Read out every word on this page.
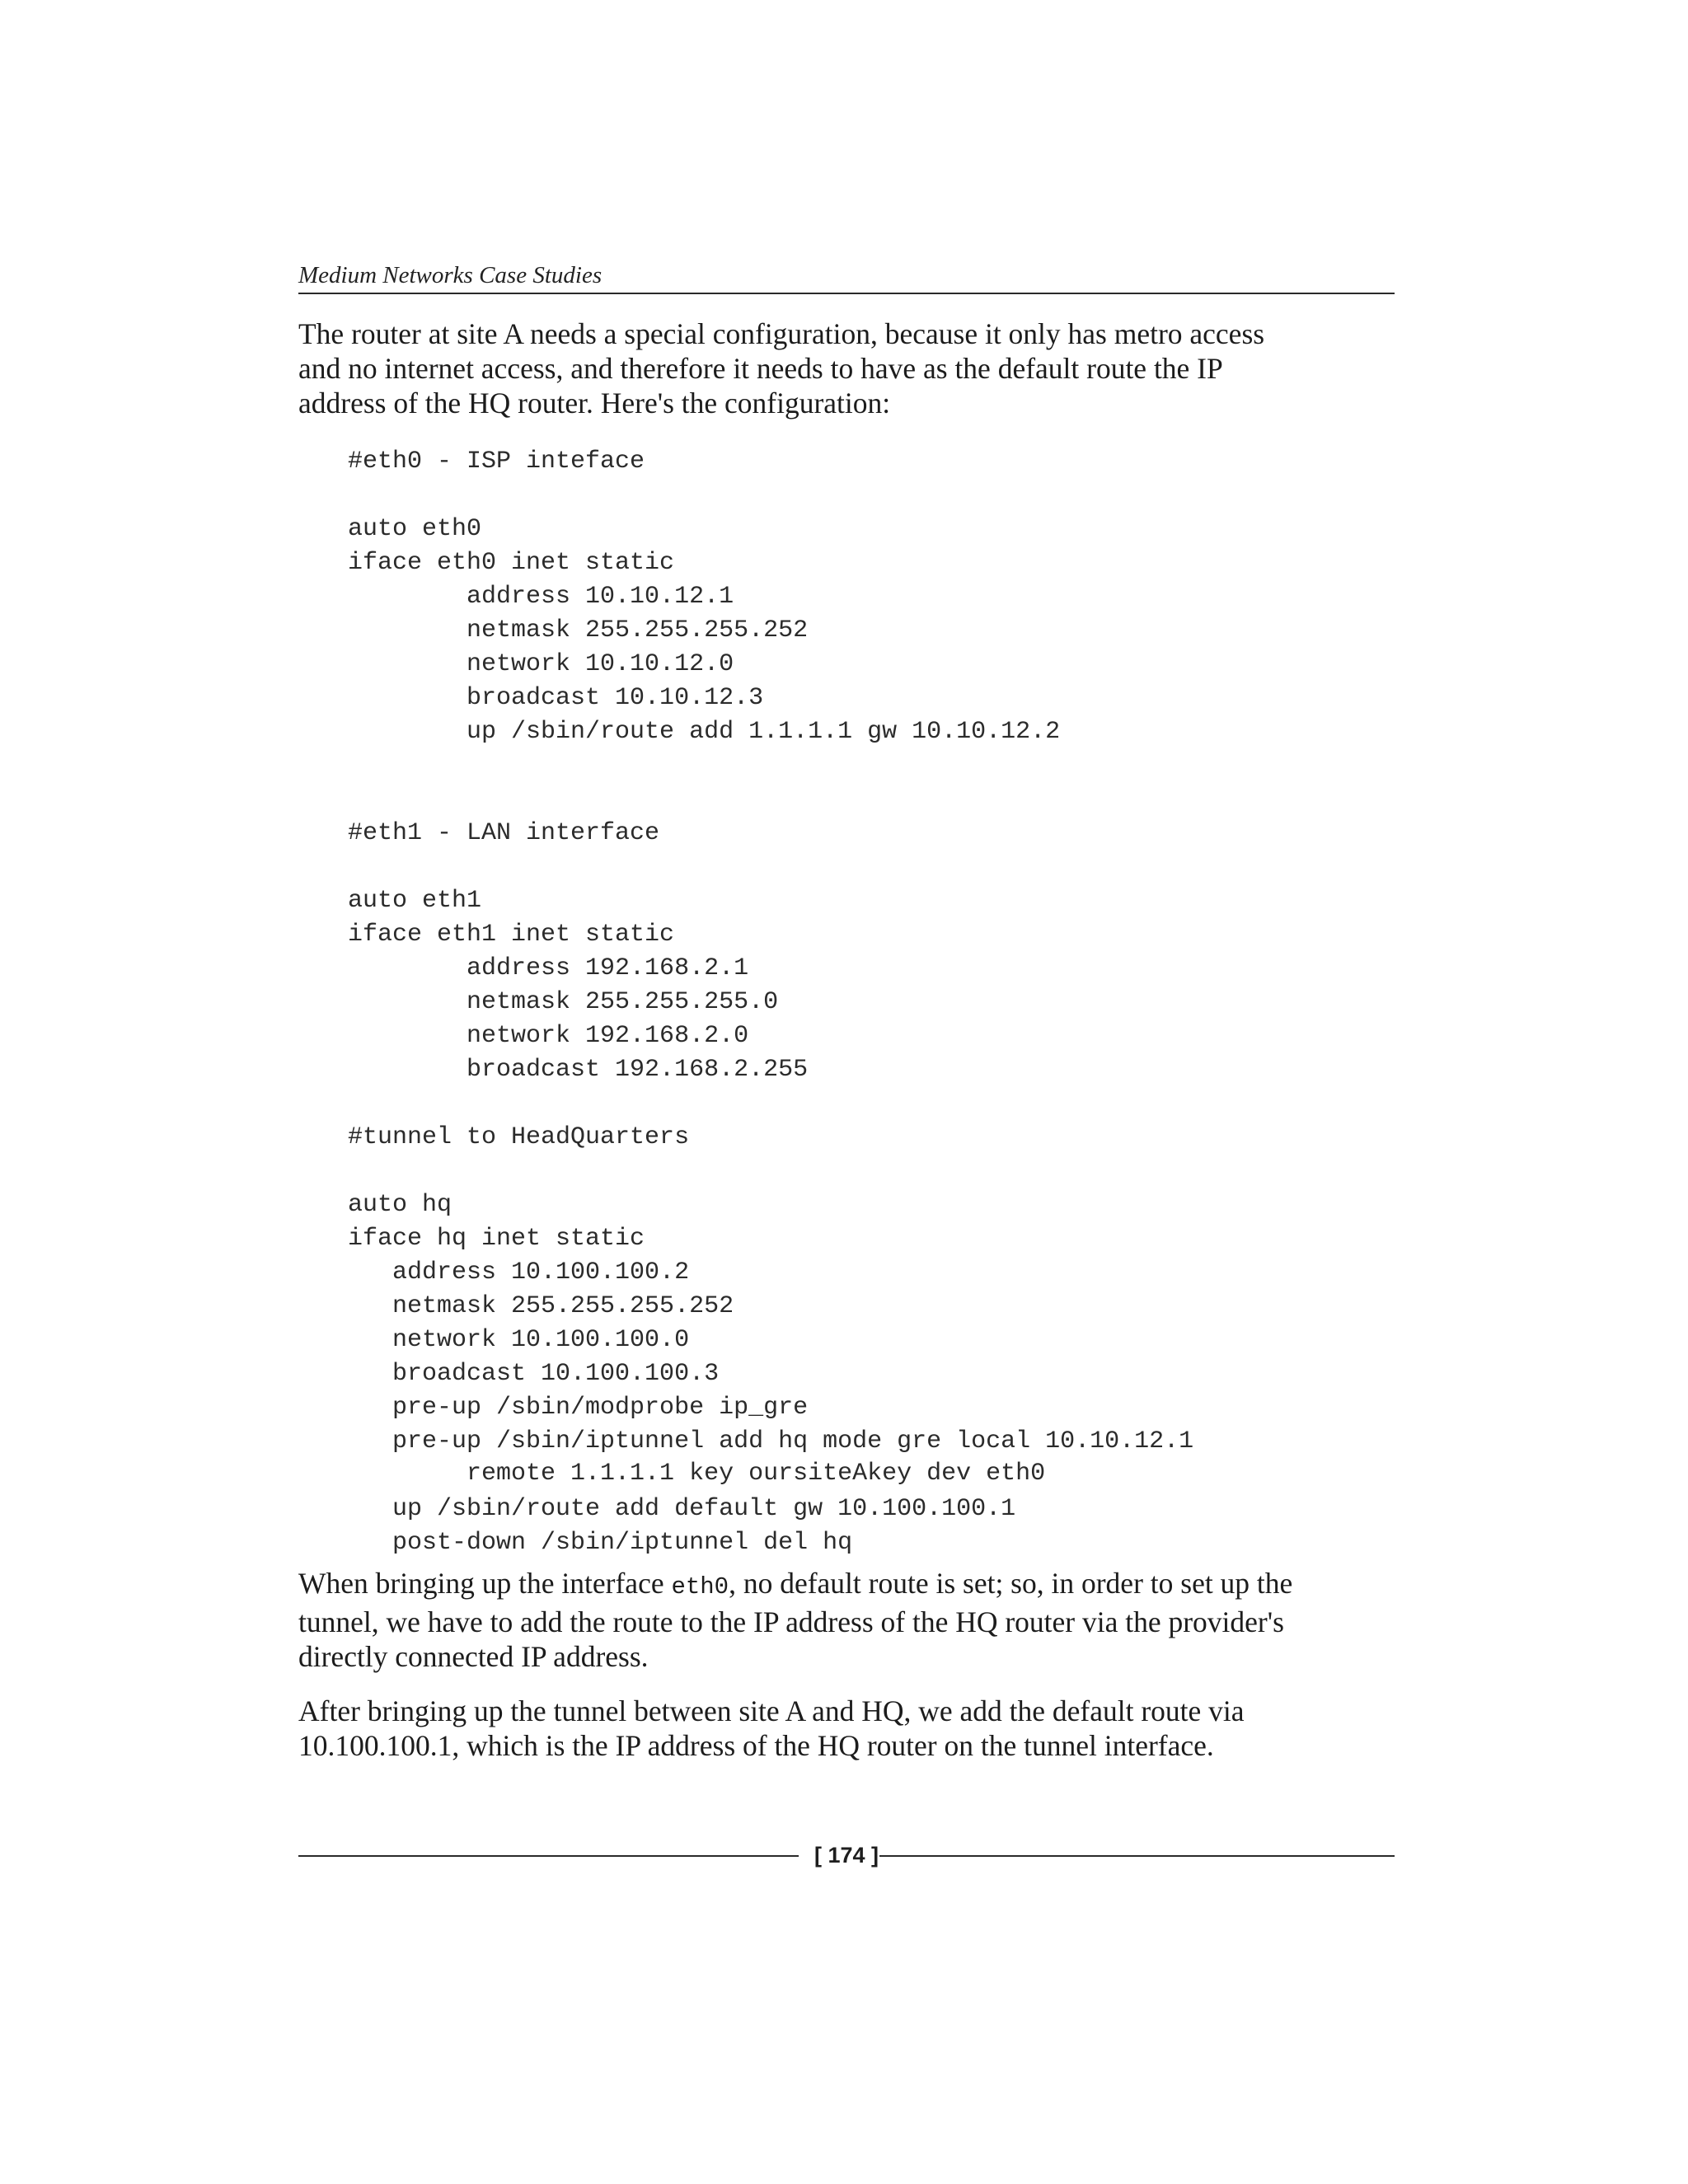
Medium Networks Case Studies
The router at site A needs a special configuration, because it only has metro access
and no internet access, and therefore it needs to have as the default route the IP
address of the HQ router. Here's the configuration:
#eth0 - ISP inteface
auto eth0
iface eth0 inet static
address 10.10.12.1
netmask 255.255.255.252
network 10.10.12.0
broadcast 10.10.12.3
up /sbin/route add 1.1.1.1 gw 10.10.12.2
#eth1 - LAN interface
auto eth1
iface eth1 inet static
address 192.168.2.1
netmask 255.255.255.0
network 192.168.2.0
broadcast 192.168.2.255
#tunnel to HeadQuarters
auto hq
iface hq inet static
address 10.100.100.2
netmask 255.255.255.252
network 10.100.100.0
broadcast 10.100.100.3
pre-up /sbin/modprobe ip_gre
pre-up /sbin/iptunnel add hq mode gre local 10.10.12.1
remote 1.1.1.1 key oursiteAkey dev eth0
up /sbin/route add default gw 10.100.100.1
post-down /sbin/iptunnel del hq
When bringing up the interface eth0, no default route is set; so, in order to set up the
tunnel, we have to add the route to the IP address of the HQ router via the provider's
directly connected IP address.
After bringing up the tunnel between site A and HQ, we add the default route via
10.100.100.1, which is the IP address of the HQ router on the tunnel interface.
[ 174 ]
